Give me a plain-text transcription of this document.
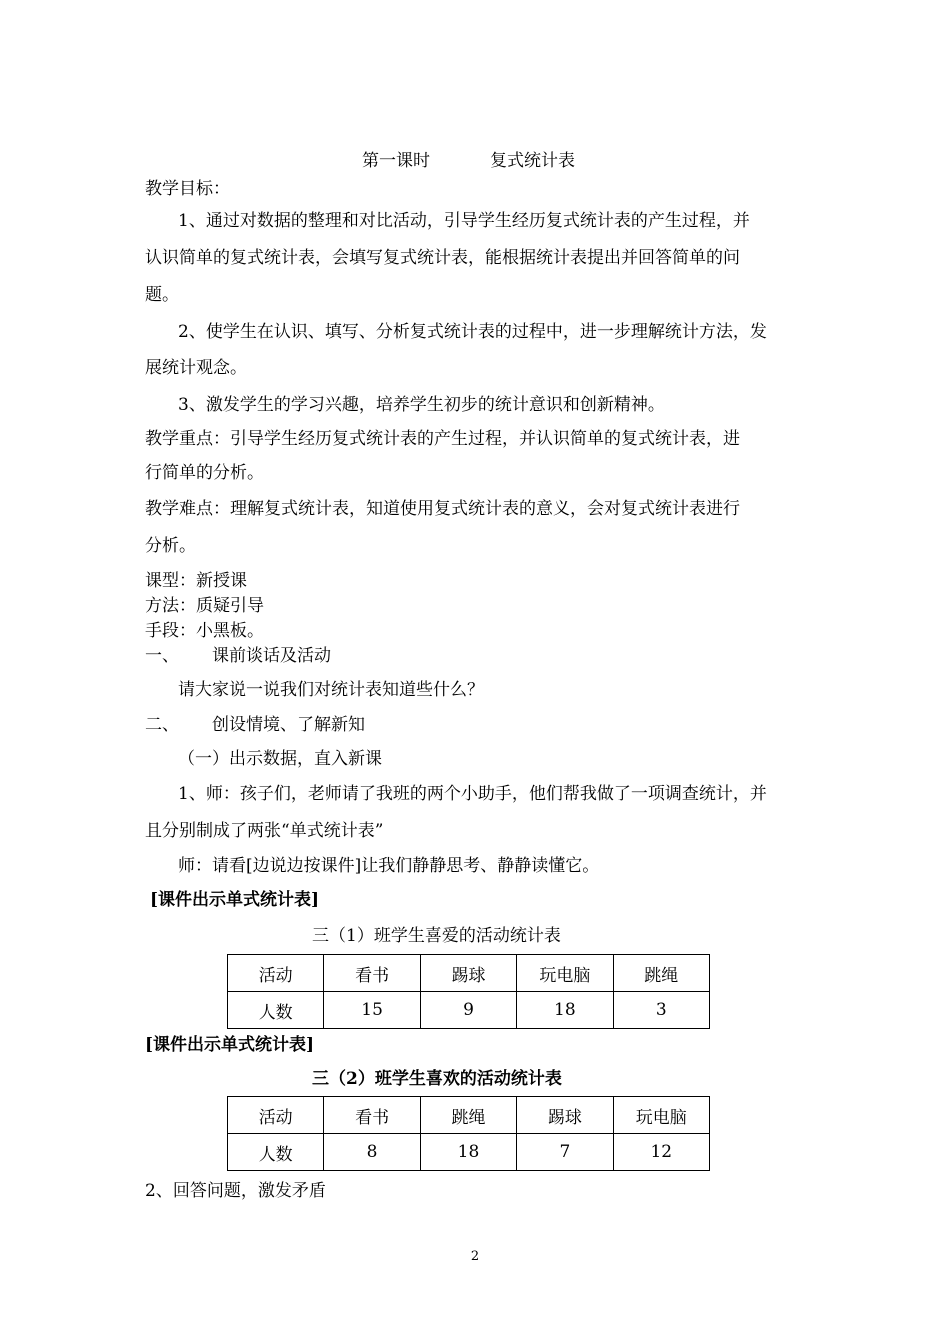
第一课时	复式统计表
教学目标：
1、通过对数据的整理和对比活动，引导学生经历复式统计表的产生过程，并
认识简单的复式统计表，会填写复式统计表，能根据统计表提出并回答简单的问
题。
2、使学生在认识、填写、分析复式统计表的过程中，进一步理解统计方法，发
展统计观念。
3、激发学生的学习兴趣，培养学生初步的统计意识和创新精神。
教学重点：引导学生经历复式统计表的产生过程，并认识简单的复式统计表，进
行简单的分析。
教学难点：理解复式统计表，知道使用复式统计表的意义，会对复式统计表进行
分析。
课型：新授课
方法：质疑引导
手段：小黑板。
一、 课前谈话及活动
请大家说一说我们对统计表知道些什么？
二、 创设情境、了解新知
（一）出示数据，直入新课
1、师：孩子们，老师请了我班的两个小助手，他们帮我做了一项调查统计，并
且分别制成了两张“单式统计表”
师：请看[边说边按课件]让我们静静思考、静静读懂它。
[课件出示单式统计表]
三（1）班学生喜爱的活动统计表
活动	看书	踢球	玩电脑	跳绳
人数	15	9	18	3
[课件出示单式统计表]
三（2）班学生喜欢的活动统计表
活动	看书	跳绳	踢球	玩电脑
人数	8	18	7	12
2、回答问题，激发矛盾
2
